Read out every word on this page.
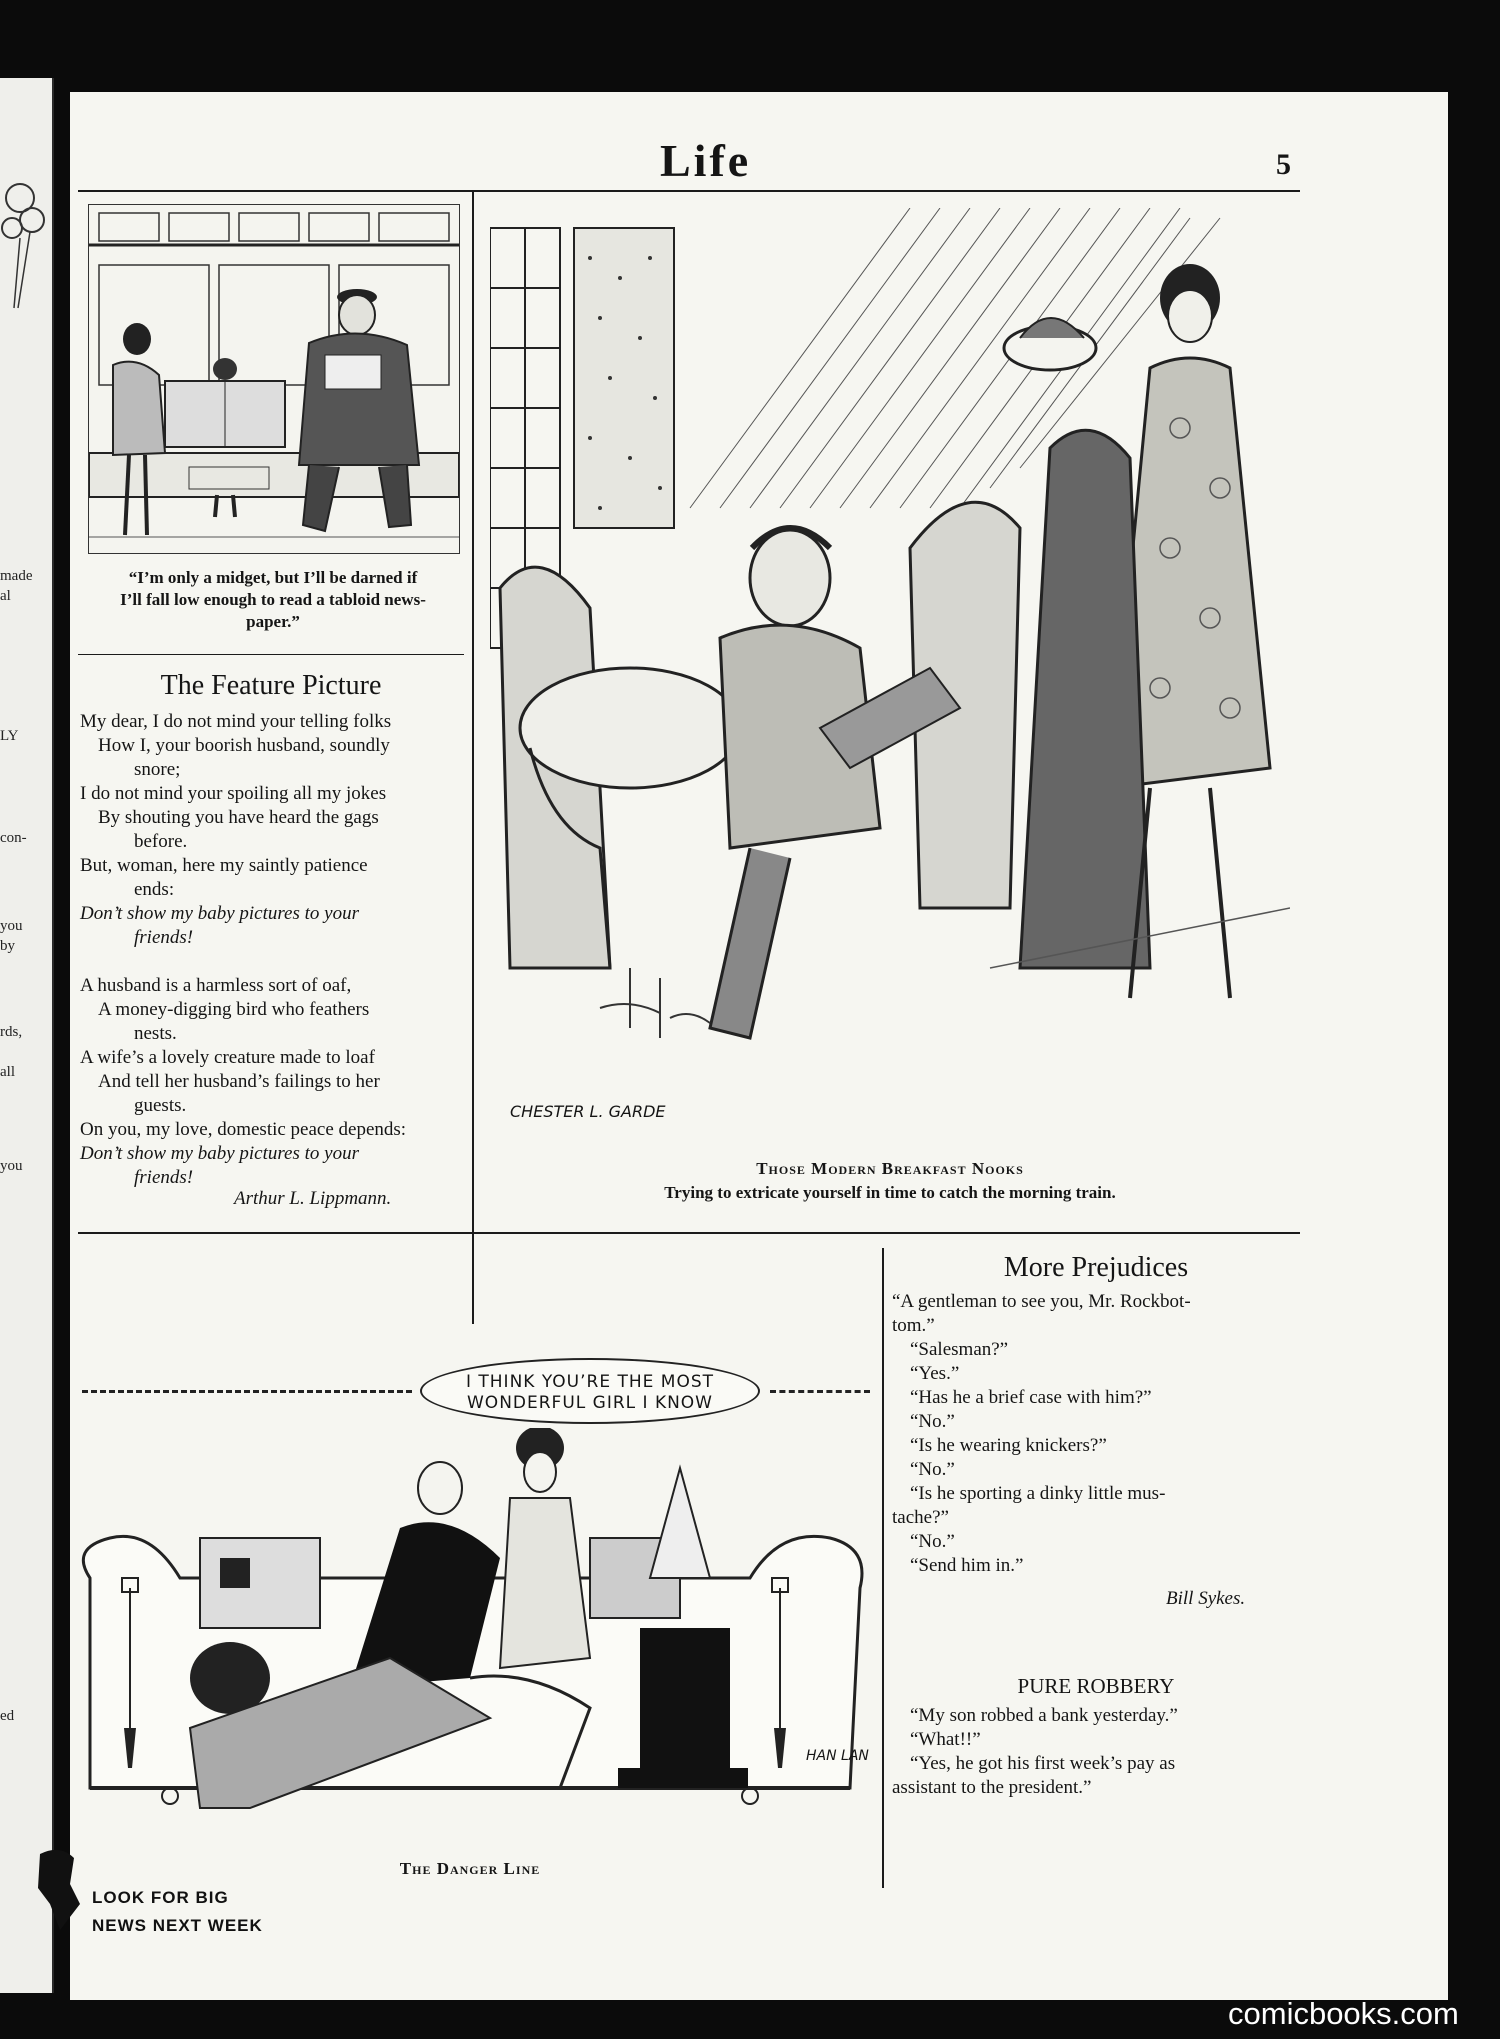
made
al
LY
con-
you
by
rds,
all
you
ed
Life	5
“I’m only a midget, but I’ll be darned if
I’ll fall low enough to read a tabloid news-
paper.”
The Feature Picture
My dear, I do not mind your telling folks
How I, your boorish husband, soundly
snore;
I do not mind your spoiling all my jokes
By shouting you have heard the gags
before.
But, woman, here my saintly patience
ends:
Don’t show my baby pictures to your
friends!
A husband is a harmless sort of oaf,
A money-digging bird who feathers
nests.
A wife’s a lovely creature made to loaf
And tell her husband’s failings to her
guests.
On you, my love, domestic peace depends:
Don’t show my baby pictures to your
friends!
Arthur L. Lippmann.
CHESTER L. GARDE
Those Modern Breakfast Nooks
Trying to extricate yourself in time to catch the morning train.
I THINK YOU’RE THE MOST
WONDERFUL GIRL I KNOW
HAN LAN
The Danger Line
More Prejudices
“A gentleman to see you, Mr. Rockbot-
tom.”
“Salesman?”
“Yes.”
“Has he a brief case with him?”
“No.”
“Is he wearing knickers?”
“No.”
“Is he sporting a dinky little mus-
tache?”
“No.”
“Send him in.”
Bill Sykes.
PURE ROBBERY
“My son robbed a bank yesterday.”
“What!!”
“Yes, he got his first week’s pay as
assistant to the president.”
LOOK FOR BIG
NEWS NEXT WEEK
comicbooks.com
